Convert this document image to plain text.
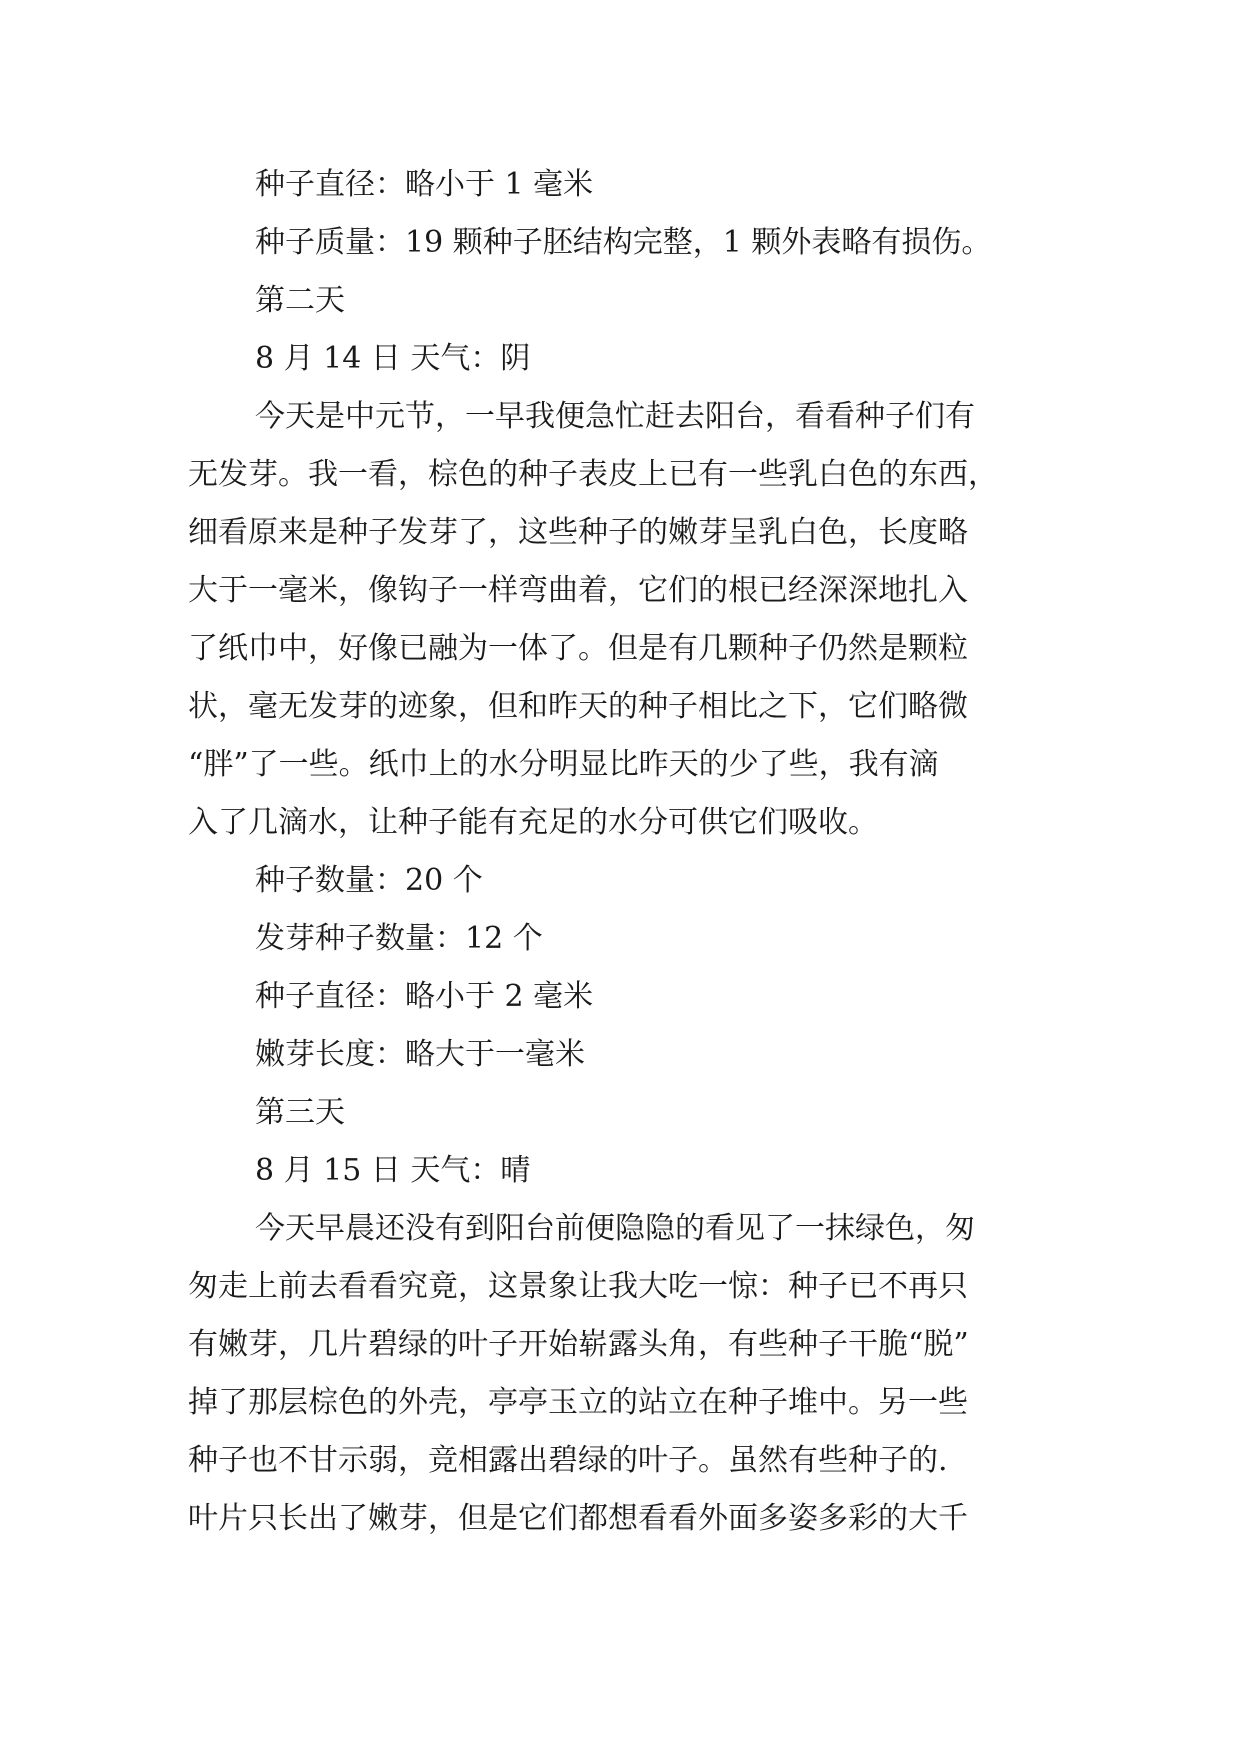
种子直径：略小于 1 毫米
种子质量：19 颗种子胚结构完整，1 颗外表略有损伤。
第二天
8 月 14 日 天气：阴
今天是中元节，一早我便急忙赶去阳台，看看种子们有
无发芽。我一看，棕色的种子表皮上已有一些乳白色的东西，
细看原来是种子发芽了，这些种子的嫩芽呈乳白色，长度略
大于一毫米，像钩子一样弯曲着，它们的根已经深深地扎入
了纸巾中，好像已融为一体了。但是有几颗种子仍然是颗粒
状，毫无发芽的迹象，但和昨天的种子相比之下，它们略微
“胖”了一些。纸巾上的水分明显比昨天的少了些，我有滴
入了几滴水，让种子能有充足的水分可供它们吸收。
种子数量：20 个
发芽种子数量：12 个
种子直径：略小于 2 毫米
嫩芽长度：略大于一毫米
第三天
8 月 15 日 天气：晴
今天早晨还没有到阳台前便隐隐的看见了一抹绿色，匆
匆走上前去看看究竟，这景象让我大吃一惊：种子已不再只
有嫩芽，几片碧绿的叶子开始崭露头角，有些种子干脆“脱”
掉了那层棕色的外壳，亭亭玉立的站立在种子堆中。另一些
种子也不甘示弱，竞相露出碧绿的叶子。虽然有些种子的.
叶片只长出了嫩芽，但是它们都想看看外面多姿多彩的大千
